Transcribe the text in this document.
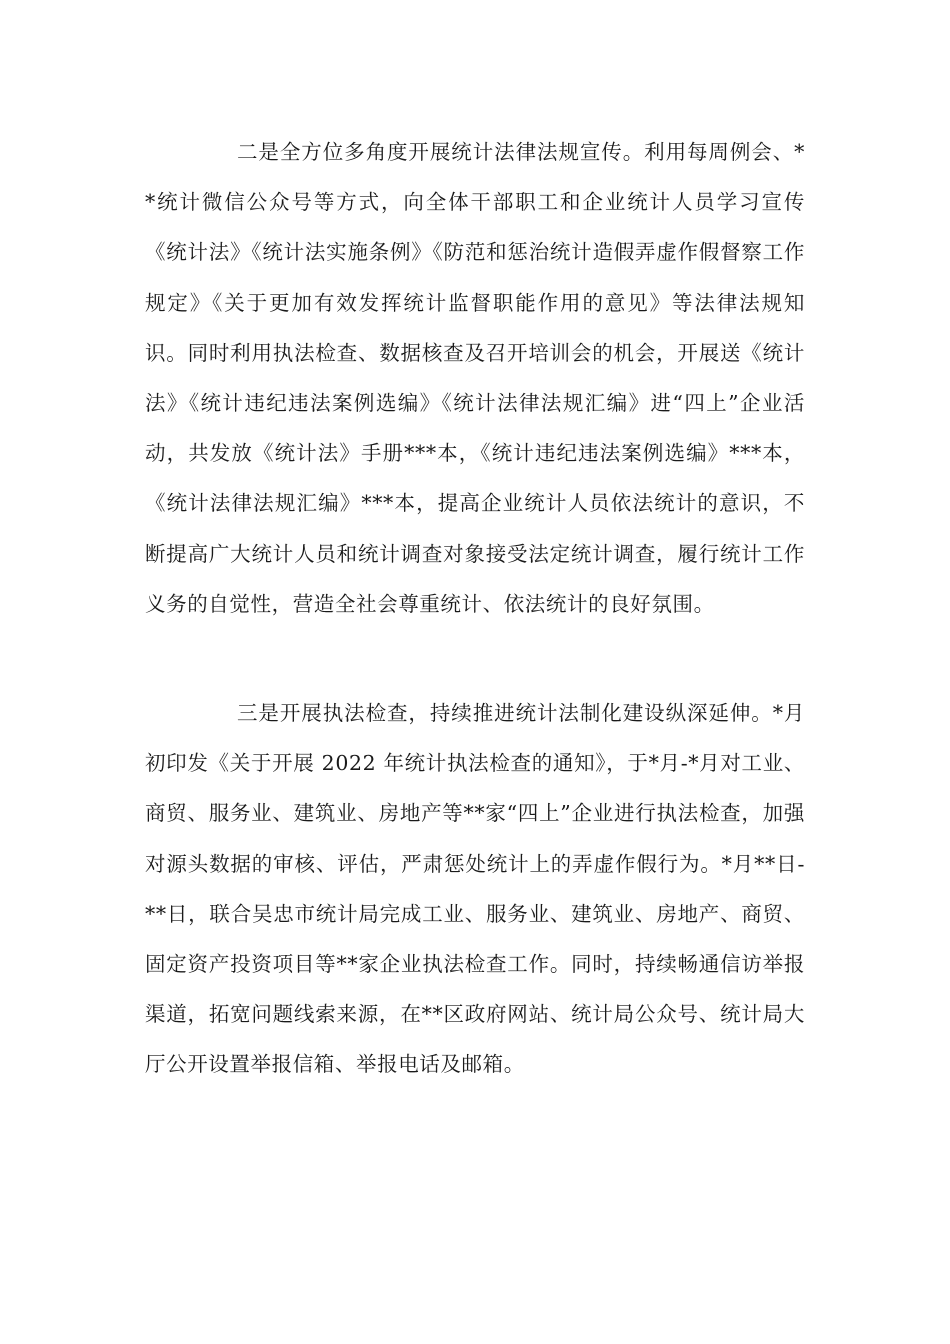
二是全方位多角度开展统计法律法规宣传。利用每周例会、**统计微信公众号等方式，向全体干部职工和企业统计人员学习宣传《统计法》《统计法实施条例》《防范和惩治统计造假弄虚作假督察工作规定》《关于更加有效发挥统计监督职能作用的意见》等法律法规知识。同时利用执法检查、数据核查及召开培训会的机会，开展送《统计法》《统计违纪违法案例选编》《统计法律法规汇编》进“四上”企业活动，共发放《统计法》手册***本，《统计违纪违法案例选编》***本，《统计法律法规汇编》***本，提高企业统计人员依法统计的意识，不断提高广大统计人员和统计调查对象接受法定统计调查，履行统计工作义务的自觉性，营造全社会尊重统计、依法统计的良好氛围。

三是开展执法检查，持续推进统计法制化建设纵深延伸。*月初印发《关于开展 2022 年统计执法检查的通知》，于*月-*月对工业、商贸、服务业、建筑业、房地产等**家“四上”企业进行执法检查，加强对源头数据的审核、评估，严肃惩处统计上的弄虚作假行为。*月**日-**日，联合吴忠市统计局完成工业、服务业、建筑业、房地产、商贸、固定资产投资项目等**家企业执法检查工作。同时，持续畅通信访举报渠道，拓宽问题线索来源，在**区政府网站、统计局公众号、统计局大厅公开设置举报信箱、举报电话及邮箱。
